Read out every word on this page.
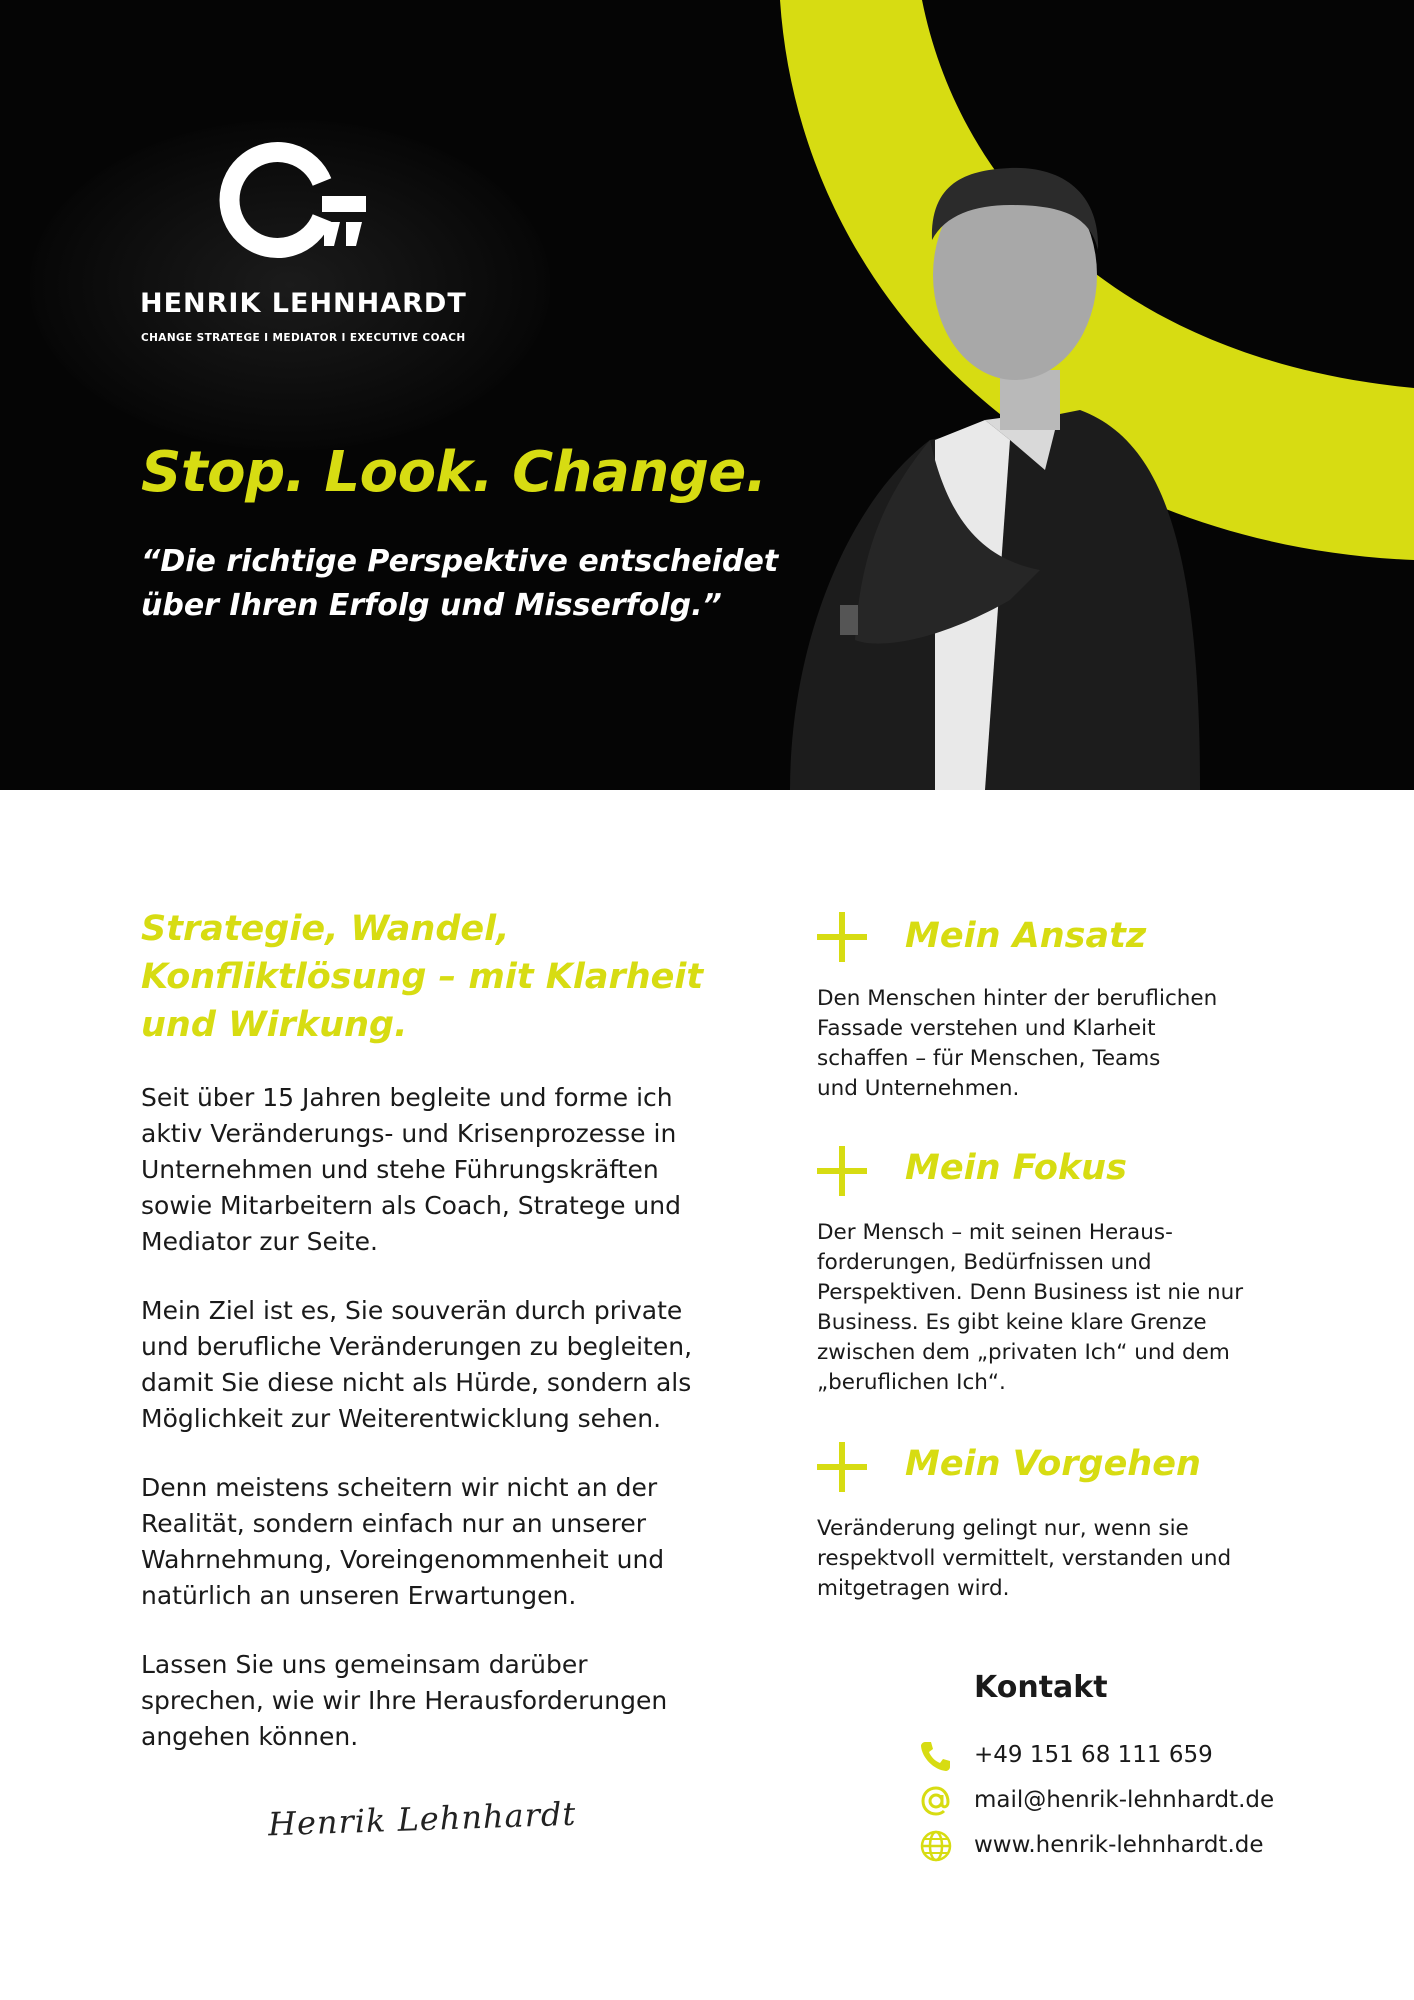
HENRIK LEHNHARDT
CHANGE STRATEGE I MEDIATOR I EXECUTIVE COACH
Stop. Look. Change.
“Die richtige Perspektive entscheidet
über Ihren Erfolg und Misserfolg.”
Strategie, Wandel,
Konfliktlösung – mit Klarheit
und Wirkung.

Seit über 15 Jahren begleite und forme ich
aktiv Veränderungs- und Krisenprozesse in
Unternehmen und stehe Führungskräften
sowie Mitarbeitern als Coach, Stratege und
Mediator zur Seite.

Mein Ziel ist es, Sie souverän durch private
und berufliche Veränderungen zu begleiten,
damit Sie diese nicht als Hürde, sondern als
Möglichkeit zur Weiterentwicklung sehen.

Denn meistens scheitern wir nicht an der
Realität, sondern einfach nur an unserer
Wahrnehmung, Voreingenommenheit und
natürlich an unseren Erwartungen.

Lassen Sie uns gemeinsam darüber
sprechen, wie wir Ihre Herausforderungen
angehen können.

Henrik Lehnhardt
Mein Ansatz
Den Menschen hinter der beruflichen
Fassade verstehen und Klarheit
schaffen – für Menschen, Teams
und Unternehmen.
Mein Fokus
Der Mensch – mit seinen Heraus-
forderungen, Bedürfnissen und
Perspektiven. Denn Business ist nie nur
Business. Es gibt keine klare Grenze
zwischen dem „privaten Ich“ und dem
„beruflichen Ich“.
Mein Vorgehen
Veränderung gelingt nur, wenn sie
respektvoll vermittelt, verstanden und
mitgetragen wird.
Kontakt
+49 151 68 111 659
mail@henrik-lehnhardt.de
www.henrik-lehnhardt.de
